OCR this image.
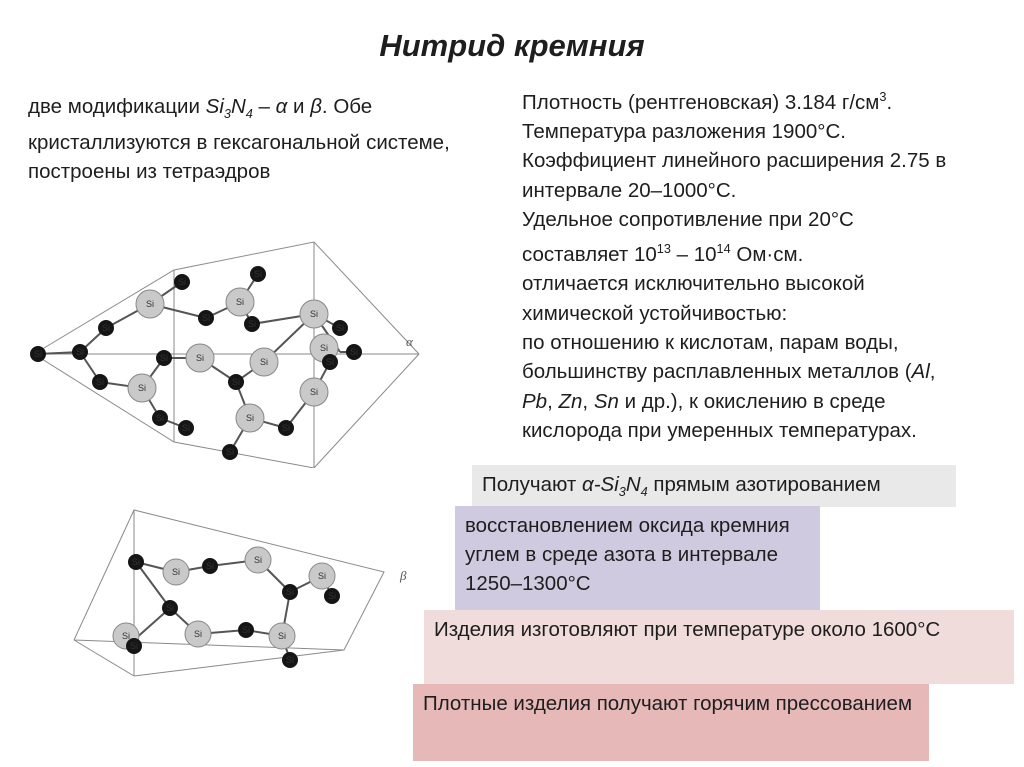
Нитрид кремния
две модификации $Si_3N_4$ – α и β. Обе кристаллизуются в гексагональной системе, построены из тетраэдров
Плотность (рентгеновская) 3.184 $г/см^3$.
Температура разложения 1900°С.
Коэффициент линейного расширения 2.75 в
интервале 20–1000°С.
Удельное сопротивление при 20°С
составляет $10^{13} - 10^{14}$ Ом·см.
отличается исключительно высокой
химической устойчивостью:
по отношению к кислотам, парам воды,
большинству расплавленных металлов (Al,
Pb, Zn, Sn и др.), к окислению в среде
кислорода при умеренных температурах.
Получают $\alpha-Si_3N_4$ прямым азотированием
восстановлением оксида кремния углем в среде азота в интервале 1250–1300°С
Изделия изготовляют при температуре около 1600°С
Плотные изделия получают горячим прессованием
Si	Si
Si
Si	Si
Si
Si
Si
Si
Si	Si
Si
Si
Si
Si
Si	Si
Si
Si
Si
Si
Si
Si
Si
Si
Si
α
Si
Si
Si	Si
Si
Si
Si	Si
Si	Si
Si
Si
Si
Si
β
